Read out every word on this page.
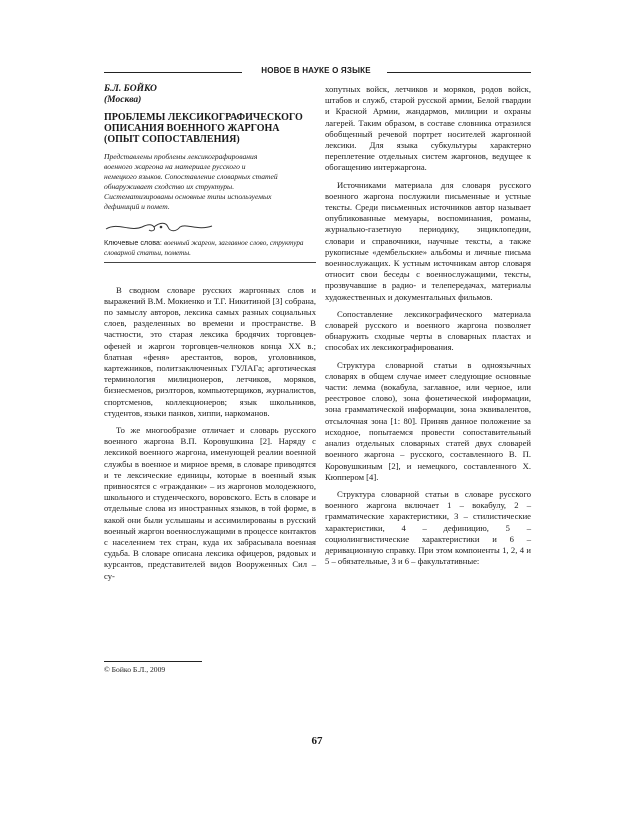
НОВОЕ В НАУКЕ О ЯЗЫКЕ
Б.Л. БОЙКО
(Москва)
ПРОБЛЕМЫ ЛЕКСИКОГРАФИЧЕСКОГО ОПИСАНИЯ ВОЕННОГО ЖАРГОНА (ОПЫТ СОПОСТАВЛЕНИЯ)
Представлены проблемы лексикографирования военного жаргона на материале русского и немецкого языков. Сопоставление словарных статей обнаруживает сходство их структуры. Систематизированы основные типы используемых дефиниций и помет.
Ключевые слова: военный жаргон, заглавное слово, структура словарной статьи, пометы.

В сводном словаре русских жаргонных слов и выражений В.М. Мокиенко и Т.Г. Никитиной [3] собрана, по замыслу авторов, лексика самых разных социальных слоев, разделенных во времени и пространстве. В частности, это старая лексика бродячих торговцев-офеней и жаргон торговцев-челноков конца XX в.; блатная «феня» арестантов, воров, уголовников, картежников, политзаключенных ГУЛАГа; арготическая терминология милиционеров, летчиков, моряков, бизнесменов, риэлторов, компьютерщиков, журналистов, спортсменов, коллекционеров; язык школьников, студентов, языки панков, хиппи, наркоманов.

То же многообразие отличает и словарь русского военного жаргона В.П. Коровушкина [2]. Наряду с лексикой военного жаргона, именующей реалии военной службы в военное и мирное время, в словаре приводятся и те лексические единицы, которые в военный язык привносятся с «гражданки» – из жаргонов молодежного, школьного и студенческого, воровского. Есть в словаре и отдельные слова из иностранных языков, в той форме, в какой они были услышаны и ассимилированы в русский военный жаргон военнослужащими в процессе контактов с населением тех стран, куда их забрасывала военная судьба. В словаре описана лексика офицеров, рядовых и курсантов, представителей видов Вооруженных Сил – су-

хопутных войск, летчиков и моряков, родов войск, штабов и служб, старой русской армии, Белой гвардии и Красной Армии, жандармов, милиции и охраны лагерей. Таким образом, в составе словника отразился обобщенный речевой портрет носителей жаргонной лексики. Для языка субкультуры характерно переплетение отдельных систем жаргонов, ведущее к обогащению интержаргона.

Источниками материала для словаря русского военного жаргона послужили письменные и устные тексты. Среди письменных источников автор называет опубликованные мемуары, воспоминания, романы, журнально-газетную периодику, энциклопедии, словари и справочники, научные тексты, а также рукописные «дембельские» альбомы и личные письма военнослужащих. К устным источникам автор словаря относит свои беседы с военнослужащими, тексты, прозвучавшие в радио- и телепередачах, материалы художественных и документальных фильмов.

Сопоставление лексикографического материала словарей русского и военного жаргона позволяет обнаружить сходные черты в словарных пластах и способах их лексикографирования.

Структура словарной статьи в одноязычных словарях в общем случае имеет следующие основные части: лемма (вокабула, заглавное, или черное, или реестровое слово), зона фонетической информации, зона грамматической информации, зона эквивалентов, отсылочная зона [1: 80]. Приняв данное положение за исходное, попытаемся провести сопоставительный анализ отдельных словарных статей двух словарей военного жаргона – русского, составленного В. П. Коровушкиным [2], и немецкого, составленного Х. Кюппером [4].

Структура словарной статьи в словаре русского военного жаргона включает 1 – вокабулу, 2 – грамматические характеристики, 3 – стилистические характеристики, 4 – дефиницию, 5 – социолингвистические характеристики и 6 – деривационную справку. При этом компоненты 1, 2, 4 и 5 – обязательные, 3 и 6 – факультативные:

© Бойко Б.Л., 2009
67
